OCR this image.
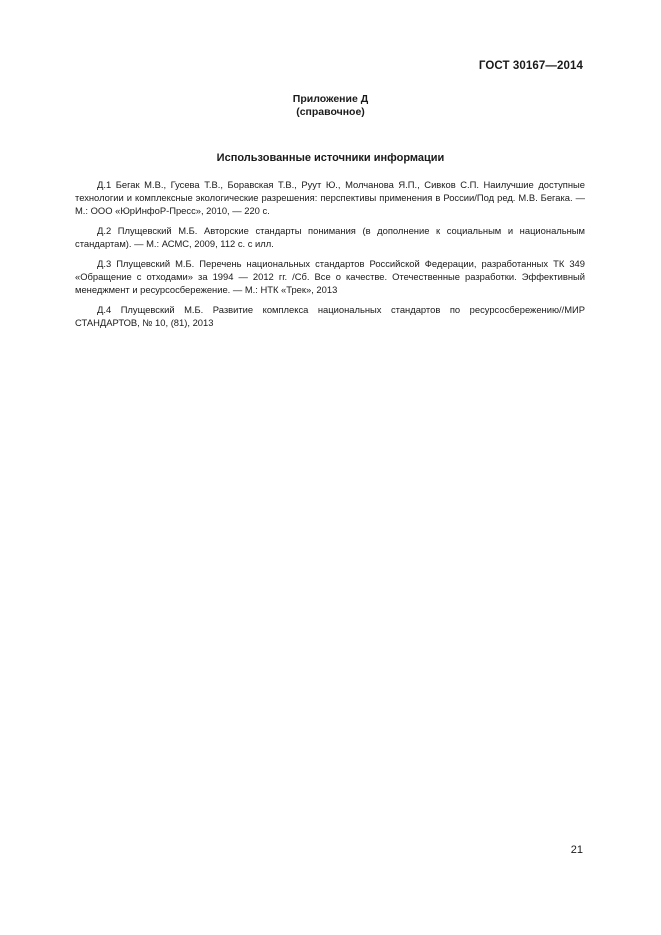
ГОСТ 30167—2014
Приложение Д
(справочное)
Использованные источники информации

Д.1 Бегак М.В., Гусева Т.В., Боравская Т.В., Руут Ю., Молчанова Я.П., Сивков С.П. Наилучшие доступные технологии и комплексные экологические разрешения: перспективы применения в России/Под ред. М.В. Бегака. — М.: ООО «ЮрИнфоР-Пресс», 2010, — 220 с.

Д.2 Плущевский М.Б. Авторские стандарты понимания (в дополнение к социальным и национальным стандартам). — М.: АСМС, 2009, 112 с. с илл.

Д.3 Плущевский М.Б. Перечень национальных стандартов Российской Федерации, разработанных ТК 349 «Обращение с отходами» за 1994 — 2012 гг. /Сб. Все о качестве. Отечественные разработки. Эффективный менеджмент и ресурсосбережение. — М.: НТК «Трек», 2013

Д.4 Плущевский М.Б. Развитие комплекса национальных стандартов по ресурсосбережению//МИР СТАНДАРТОВ, № 10, (81), 2013

21
